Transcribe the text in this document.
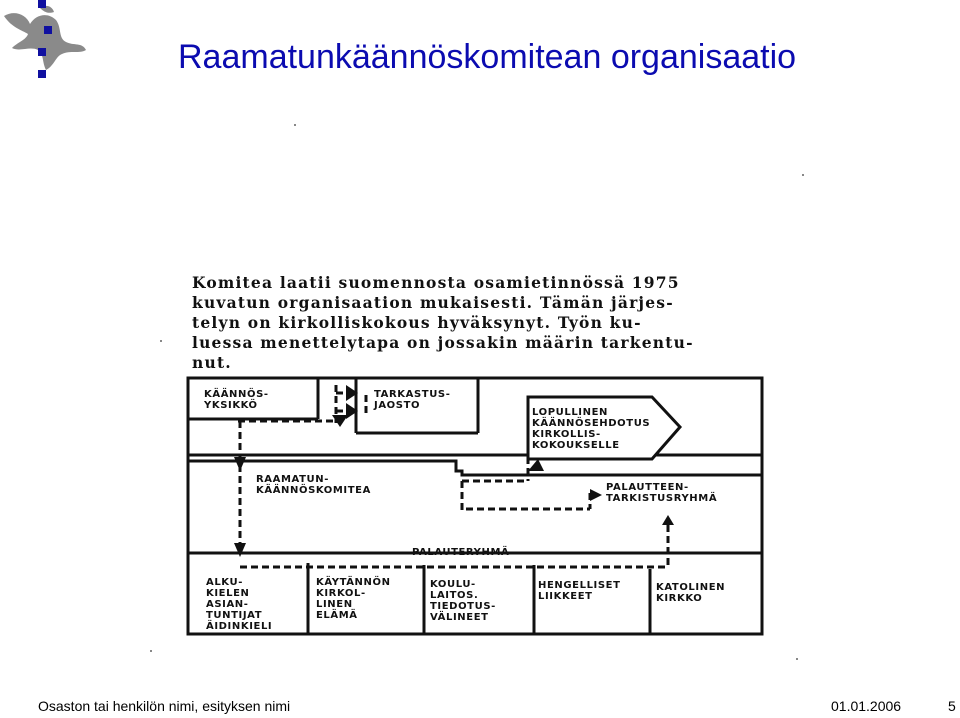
Raamatunkäännöskomitean organisaatio
Komitea laatii suomennosta osamietinnössä 1975
kuvatun organisaation mukaisesti. Tämän järjes-
telyn on kirkolliskokous hyväksynyt. Työn ku-
luessa menettelytapa on jossakin määrin tarkentu-
nut.
KÄÄNNÖS- YKSIKKÖ
TARKASTUS- JAOSTO
LOPULLINEN KÄÄNNÖSEHDOTUS KIRKOLLIS- KOKOUKSELLE
RAAMATUN- KÄÄNNÖSKOMITEA	PALAUTTEEN- TARKISTUSRYHMÄ
PALAUTERYHMÄ
ALKU- KIELEN ASIAN- TUNTIJAT ÄIDINKIELI
KÄYTÄNNÖN KIRKOL- LINEN ELÄMÄ
KOULU- LAITOS. TIEDOTUS- VÄLINEET
HENGELLISET LIIKKEET
KATOLINEN KIRKKO
Osaston tai henkilön nimi, esityksen nimi	01.01.2006	5
